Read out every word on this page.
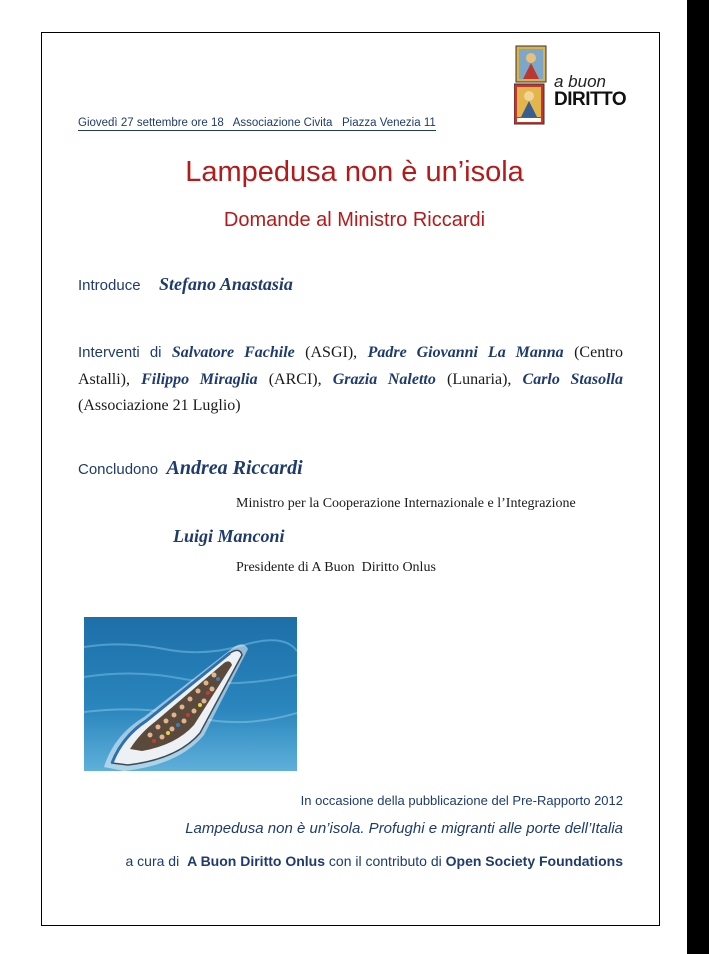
a buon
DIRITTO
Giovedì 27 settembre ore 18   Associazione Civita   Piazza Venezia 11
Lampedusa non è un’isola
Domande al Ministro Riccardi
Introduce Stefano Anastasia
Interventi di Salvatore Fachile (ASGI), Padre Giovanni La Manna (Centro Astalli), Filippo Miraglia (ARCI), Grazia Naletto (Lunaria), Carlo Stasolla (Associazione 21 Luglio)
Concludono Andrea Riccardi
Ministro per la Cooperazione Internazionale e l’Integrazione
Luigi Manconi
Presidente di A Buon  Diritto Onlus
In occasione della pubblicazione del Pre-Rapporto 2012
Lampedusa non è un’isola. Profughi e migranti alle porte dell’Italia
a cura di A Buon Diritto Onlus con il contributo di Open Society Foundations
